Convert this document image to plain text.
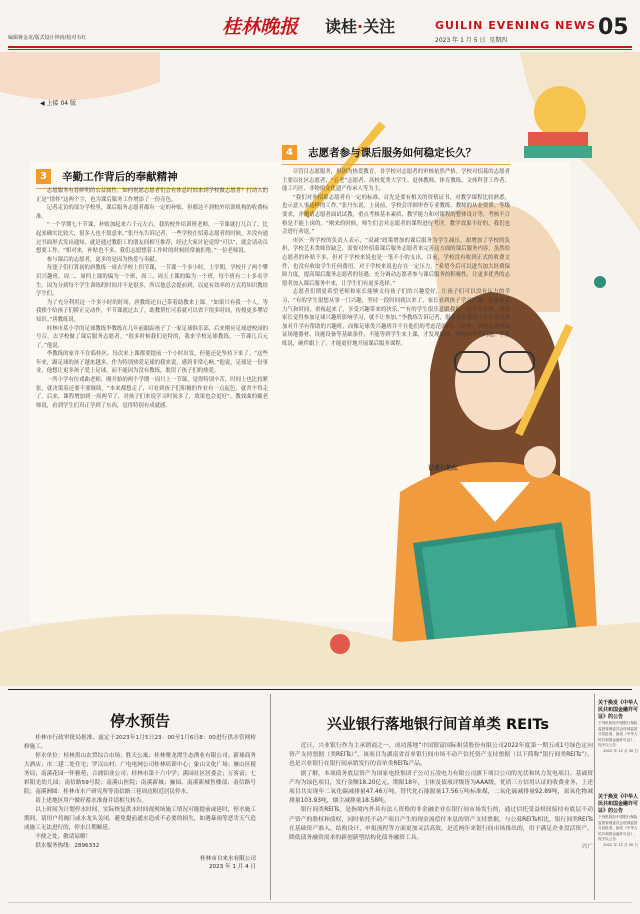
编辑蒋金龙/版式设计钟涛/校对韦红	桂林晚报 读桂·关注	GUILIN EVENING NEWS 05
2023 年 1 月 5 日 星期四
◀ 上接 04 版
3 辛勤工作背后的奉献精神

志愿服务有着鲜明的公益属性。如何祝愿志愿者们会有体息时间来到学校做志愿者？打动人的正是“情怀”这两个字，也为课后服务工作增添了一份亮色。

记者走访的部分学校里，课后服务志愿者都有一定的补贴，但都达不到校外培训机构的收费标准。

“一个学期七十节课，补贴加起来六千元左右。我的校外培训班老师，一节课就打几百了，比起来确实比较大，很多人也不愿意来。”张丹东告诉记者，一些学校在招募志愿者的时候，并没有通过书面形式发出通知，就是通过教职工的朋友间相互推荐，经过大家讨论觉得“可以”，就会请动员想要工作。“相对来，补贴也不多，我们志愿想着工作时的时候经常被拒绝。”一位老师说。

参与课后的志愿者，更多的是因为热爱与奉献。

每逢子们打算初的唐教练一周去学校上四节课，一节课一个多小时，上学期，学校开了两个攀岩兴趣班，周二、周四上课的编为一个班，周三、周五上课的编为一个班，每个班有二十多名学生。因为分到每个学生训练的时间并不是很多，所以他总会提前到，以更有效率的方式将知识教给学生们。

为了充分利用这一个多小时的时间，唐教练还自己带着助教来上课。“如果只有我一个人，等我挨个给孩子们矫正完动作，半节课就过去了，助教帮忙可着就可以省下很多时间，传授更多攀岩知识。”唐教练说。

桂林市某小学的足球教练李教练在几年前跟踪孩子了一家足球俱乐部，后来刚应足球进校园的号召，去学校做了课后服务志愿者。“很多时候我们是特的，我来学校足球教练，一节课几百元了。”他说。

李教练的家并不在临桂区，每次来上课都要提前一个小时出发，但他还是坚持下来了。“这些年来，踢足球的孩子越来越多，作为特别热爱足球的我来说，感到非常心畅。”他说，足球是一份事业，他想让更多孩子爱上足球，而不能因为没有教练，耽误了孩子们的热爱。

一所小学有位戏曲老师，刚开始的两个学期一周只上一节课，觉得特别辛苦，时间上也比较紧张，就决策着还要不要继续。“本来都想走了，可看到孩子们积极的作业有一点起色，就舍不得走了。后来，课程增加到一周两节了，对孩子们来说学习时间多了，效果也会更好”。教戏曲的戴老师说，看到学生们真正学到了东西，觉得特别有成就感。

4 志愿者参与课后服务如何稳定长久？

尽管目志愿服务，但因为热爱教育，各学校对志愿者的审核依然严格。学校对招募的志愿者主要以社区志愿者、“五老”志愿者、高校优秀大学生、退休教师、体育教练、文体科普工作者、能工巧匠、非物质文化遗产传承人等为主。

“我们对外招募志愿者有一定的标准，首先是要有相关的资格证书，对教学课程比较熟悉，也示意人事这样的工作。”张丹东说，上岗前，学校会详细审查专业教练、教师的从业资质、等级要求，并邀请志愿者面试试教，重点考核基本素质、教学能力和对课程的整体设计等，考核不合格是不能上岗的。“刚来的时候，师生们会对志愿者的课程进行考评，教学效果不好的，我们也会进行劝退。”

市区一所学校的负责人表示，“双减”政策增加的课后服务为学生减压，却增加了学校的负担，学校艺术类师资缺乏，需要对外招募课后服务志愿者来完善这方面的课后服务内容，虽然给志愿者的补贴不多，但对于学校来说也是一笔不小的支出，目前，学校没有收到正式的收费文件，也没有收取学生任何费用。对于学校来说也存在一定压力，“希望今后可以进当加大经费保障力度，提高课后服务志愿者的待遇，充分调动志愿者参与课后服务的积极性，让更多优秀的志愿者加入课后服务中来，让学生们有更多选择。”

志愿者们期更希望老师和家长能够支持孩子们的兴趣爱好，让孩子们可以没有压力的学习，“有的学生很想从事一门兴趣，坚持一段时间就以来了，家长看到孩子学习兴趣，也要多花力气和时间，重视起来了，享受兴趣带来的快乐。”“有的学生很乐意跟我们一起学习足球，但是家长觉得参加足球兴趣班影响学习，就不让参加。”李教练告诉记者，很多家长觉得学生应该以参加对升学有帮助的兴趣班，而像足球类兴趣班并不在他们的考虑范围内。“此外，学校还需要保证场地器材、设施设备等基础条件，不能等到学生来上课，才发现场地、器材损坏等问题。”李教练说，硬件跟上了，才能更好地开展课后服务课程。

记者石艳红
停水预告

桂林市行政审批局批准，兹定于2023年1月5日23：00至1月6日8：00进行供水管网检修施工。

停水单位：桂林黑山农贸综合市场；胜天公寓；桂林聚龙潭生态渔业有限公司；新球商务大酒店；市二建二处住宅；罗汉山村；广电电网公司桂林培训中心；象山文化广场；雁山区税务局；南溪花园一怀雅苑；合浦铝业公司；桂林市第十六中学；溪园社区居委会；万客富；七彩阳光幼儿园；南信路59号院；南溪山医院；南溪新城；骊园、南溪新城售楼部；南信路号院；南溪洲圆：桂林市水产研究所等南信路三巷周边附近居民停水。

请上述地区用户做好蓄水准备并请相互转告。

以上时间为计划停水时间，实际恢复供水时间视现场施工情况可能提前或延时，停水施工期间，请用户将阀门或水龙头关闭，避免提前通水造成不必要的损失，如遇暴雨等恶劣天气造成施工无法进行的，停水日期顺延。

不便之处，敬请谅解！

供水服务热线：2896332

桂林市自来水有限公司
2023 年 1 月 4 日
兴业银行落地银行间首单类 REITs

近日，兴业银行作为主承销商之一，成功落地“中国银富国际租赁股份有限公司2022年度第一期五成1号绿色定向资产支持票据（类REITs）”，该项目为湖南省首单银行间市场不动产信托资产支持票据（以下简称“银行间类REITs”），也是兴业银行在银行间承销发行的首单类REITs产品。

据了解，本项债务底层资产为国家电投集团子公司五凌电力有限公司旗下项目公司的光伏和风力发电项目。基础资产均为绿色项目，发行金额18.20亿元，期限18年，主体及债项评级皆为AAA级，优质三方信用认证的收费业务，上述项目共实现年二氧化碳减排量47.46万吨，替代化石能源量17.56万吨标准煤，二氧化硫减排量92.89吨，氮氧化物减排量103.93吨，烟尘减排量18.58吨。

银行间类REITs，是指境内外具有法人资格的非金融企业在银行间市场发行的，通过信托受益权间接持有底层不动产资产的股权和债权，同时依托不动产项目产生的现金流偿付本息的资产支持票据，与公募REITs相比，银行间类REITs在基础资产准入、结构设计、申报流程等方面更加灵活高效，是近两年来银行间市场推出的，用于满足企业盘活资产、降低债务融资需求的新创新型结构化债务融资工具。

兴广
关于换发《中华人民共和国金融许可证》的公告
下列机构经中国银行保险监督管理委员会桂林监管分局批准，换发《中华人民共和国金融许可证》，现予以公告：
2022 年 12 月 30 日
关于换发《中华人民共和国金融许可证》的公告
下列机构经中国银行保险监督管理委员会桂林监管分局批准，换发《中华人民共和国金融许可证》，现予以公告：
2022 年 12 月 30 日
